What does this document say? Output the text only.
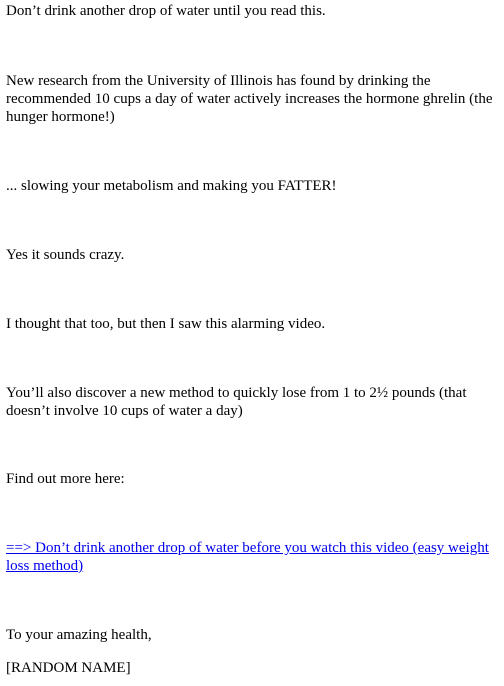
Don’t drink another drop of water until you read this.

New research from the University of Illinois has found by drinking the recommended 10 cups a day of water actively increases the hormone ghrelin (the hunger hormone!)

... slowing your metabolism and making you FATTER!

Yes it sounds crazy.

I thought that too, but then I saw this alarming video.

You’ll also discover a new method to quickly lose from 1 to 2½ pounds (that doesn’t involve 10 cups of water a day)

Find out more here:

==> Don’t drink another drop of water before you watch this video (easy weight loss method)

To your amazing health,

[RANDOM NAME]
